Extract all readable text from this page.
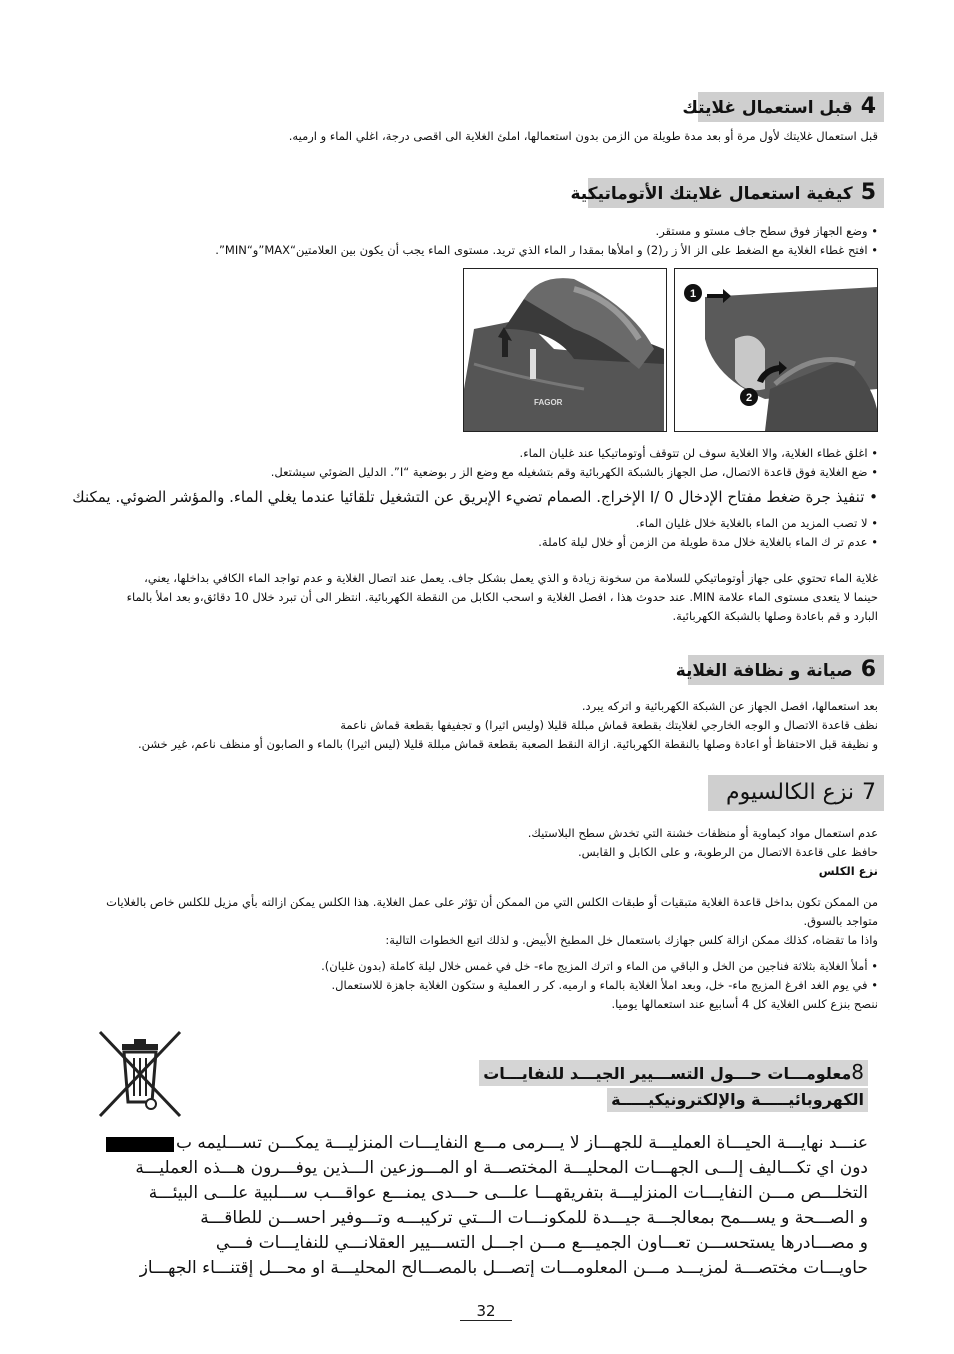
4قبل استعمال غلايتك
قبل استعمال غلايتك لأول مرة أو بعد مدة طويلة من الزمن بدون استعمالها، املئ الغلاية الى اقصى درجة، اغلي الماء و ارميه.
5كيفية استعمال غلايتك الأتوماتيكية
• وضع الجهاز فوق سطح جاف مستو و مستقر.
• افتح غطاء الغلاية مع الضغط على الز الأ ز ر(2) و املأها بمقدا ر الماء الذي تريد. مستوى الماء يجب أن يكون بين العلامتين“MAX”و“MIN”.
FAGOR
1
2
• اغلق غطاء الغلاية، والا الغلاية سوف لن تتوقف أوتوماتيكيا عند غليان الماء.
• ضع الغلاية فوق قاعدة الاتصال، صل الجهاز بالشبكة الكهربائية وقم بتشغيله مع وضع الز ر بوضعية “I”. الدليل الضوئي سيشتعل.
• تنفيذ جرة ضغط مفتاح الإدخال I/ 0 الإخراج. الصمام تضيء الإبريق عن التشغيل تلقائيا عندما يغلي الماء. والمؤشر الضوئي. يمكنك
• لا تصب المزيد من الماء بالغلاية خلال غليان الماء.
• عدم تر ك الماء بالغلاية خلال مدة طويلة من الزمن أو خلال ليلة كاملة.
غلاية الماء تحتوي على جهاز أوتوماتيكي للسلامة من سخونة زيادة و الذي يعمل بشكل جاف. يعمل عند اتصال الغلاية و عدم تواجد الماء الكافي بداخلها، يعني،
حينما لا يتعدى مستوى الماء علامة MIN. عند حدوث هذا ، افصل الغلاية و اسحب الكابل من النقطة الكهربائية. انتظر الى أن تبرد خلال 10 دقائق،و بعد املأ بالماء
البارد و قم باعادة وصلها بالشبكة الكهربائية.
6صيانة و نظافة الغلاية
بعد استعمالها، افصل الجهاز عن الشبكة الكهربائية و اتركه يبرد.
نظف قاعدة الاتصال و الوجه الخارجي لغلايتك بقطعة قماش مبللة قليلا (وليس اثيرا) و تجفيفها بقطعة قماش ناعمة
و نظيفة قبل الاحتفاظ أو اعادة وصلها بالنقطة الكهربائية. ازالة النقط الصعبة بقطعة قماش مبللة قليلا (ليس اثيرا) بالماء و الصابون أو منظف ناعم، غير خشن.
7نزع الكالسيوم
عدم استعمال مواد كيماوية أو منظفات خشنة التي تخدش سطح البلاستيك.
حافظ على قاعدة الاتصال من الرطوبة، و على الكابل و القابس.
نزع الكلس
من الممكن تكون بداخل قاعدة الغلاية متبقيات أو طبقات الكلس التي من الممكن أن تؤثر على عمل الغلاية. هذا الكلس يمكن ازالته بأي مزيل للكلس خاص بالغلايات
متواجد بالسوق.
واذا ما تقضاه، كذلك ممكن ازالة كلس جهازك باستعمال خل المطبخ الأبيض. و لذلك اتبع الخطوات التالية:
• أملأ الغلاية بثلاثة فناجين من الخل و الباقي من الماء و اترك المزيج ماء- خل في غمس خلال ليلة كاملة (بدون غليان).
• في يوم الغد افرغ المزيج ماء- خل، وبعد املأ الغلاية بالماء و ارميه. كر ر العملية و ستكون الغلاية جاهزة للاستعمال.
ننصح بنزع كلس الغلاية كل 4 أسابيع عند استعمالها يوميا.
8معلومـــات حـــول التســـيير الجيـــد للنفايـــات الكهروبائيـــــة والإلكترونيكيـــــة
عنـــد نهايـــة الحيـــاة العمليـــة للجهـــاز لا يـــرمى مـــع النفايـــات المنزليـــة يمكـــن تســـليمه ب
دون اي تكـــاليف إلـــى الجهـــات المحليـــة المختصـــة او المـــوزعين الـــذين يوفـــرون هـــذه العمليـــة
التخلـــص مـــن النفايـــات المنزليـــة بتفريقهـــا علـــى حـــدى يمنـــع عواقـــب ســـلبية علـــى البيئـــة
و الصـــحة و يســـمح بمعالجـــة جيـــدة للمكونـــات الـــتي تركيبـــه وتـــوفير احســـن للطاقـــة
و مصـــادرها يستحســـن تعـــاون الجميـــع مـــن اجـــل التســـيير العقلانـــي للنفايـــات فـــي
حاويـــات مختصـــة لمزيـــد مـــن المعلومـــات إتصـــل بالمصـــالح المحليـــة او محـــل إقتنـــاء الجهـــاز
32
